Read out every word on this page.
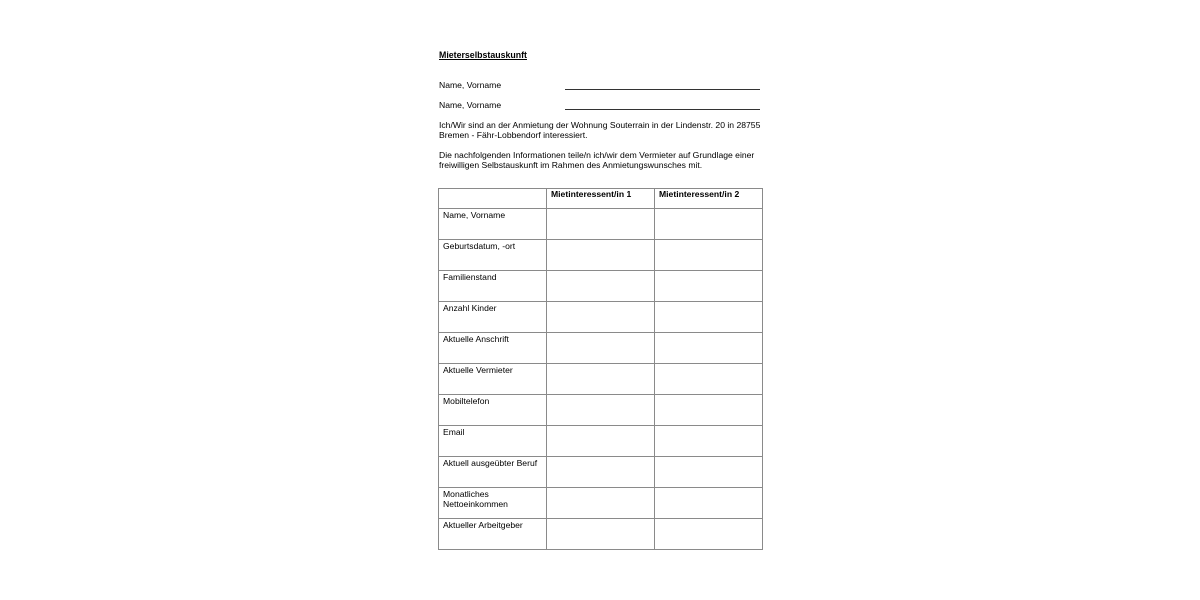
Mieterselbstauskunft
Name, Vorname
Name, Vorname
Ich/Wir sind an der Anmietung der Wohnung Souterrain in der Lindenstr. 20 in 28755 Bremen - Fähr-Lobbendorf interessiert.
Die nachfolgenden Informationen teile/n ich/wir dem Vermieter auf Grundlage einer freiwilligen Selbstauskunft im Rahmen des Anmietungswunsches mit.
	Mietinteressent/in 1	Mietinteressent/in 2
Name, Vorname		
Geburtsdatum, -ort		
Familienstand		
Anzahl Kinder		
Aktuelle Anschrift		
Aktuelle Vermieter		
Mobiltelefon		
Email		
Aktuell ausgeübter Beruf		
Monatliches Nettoeinkommen		
Aktueller Arbeitgeber		
